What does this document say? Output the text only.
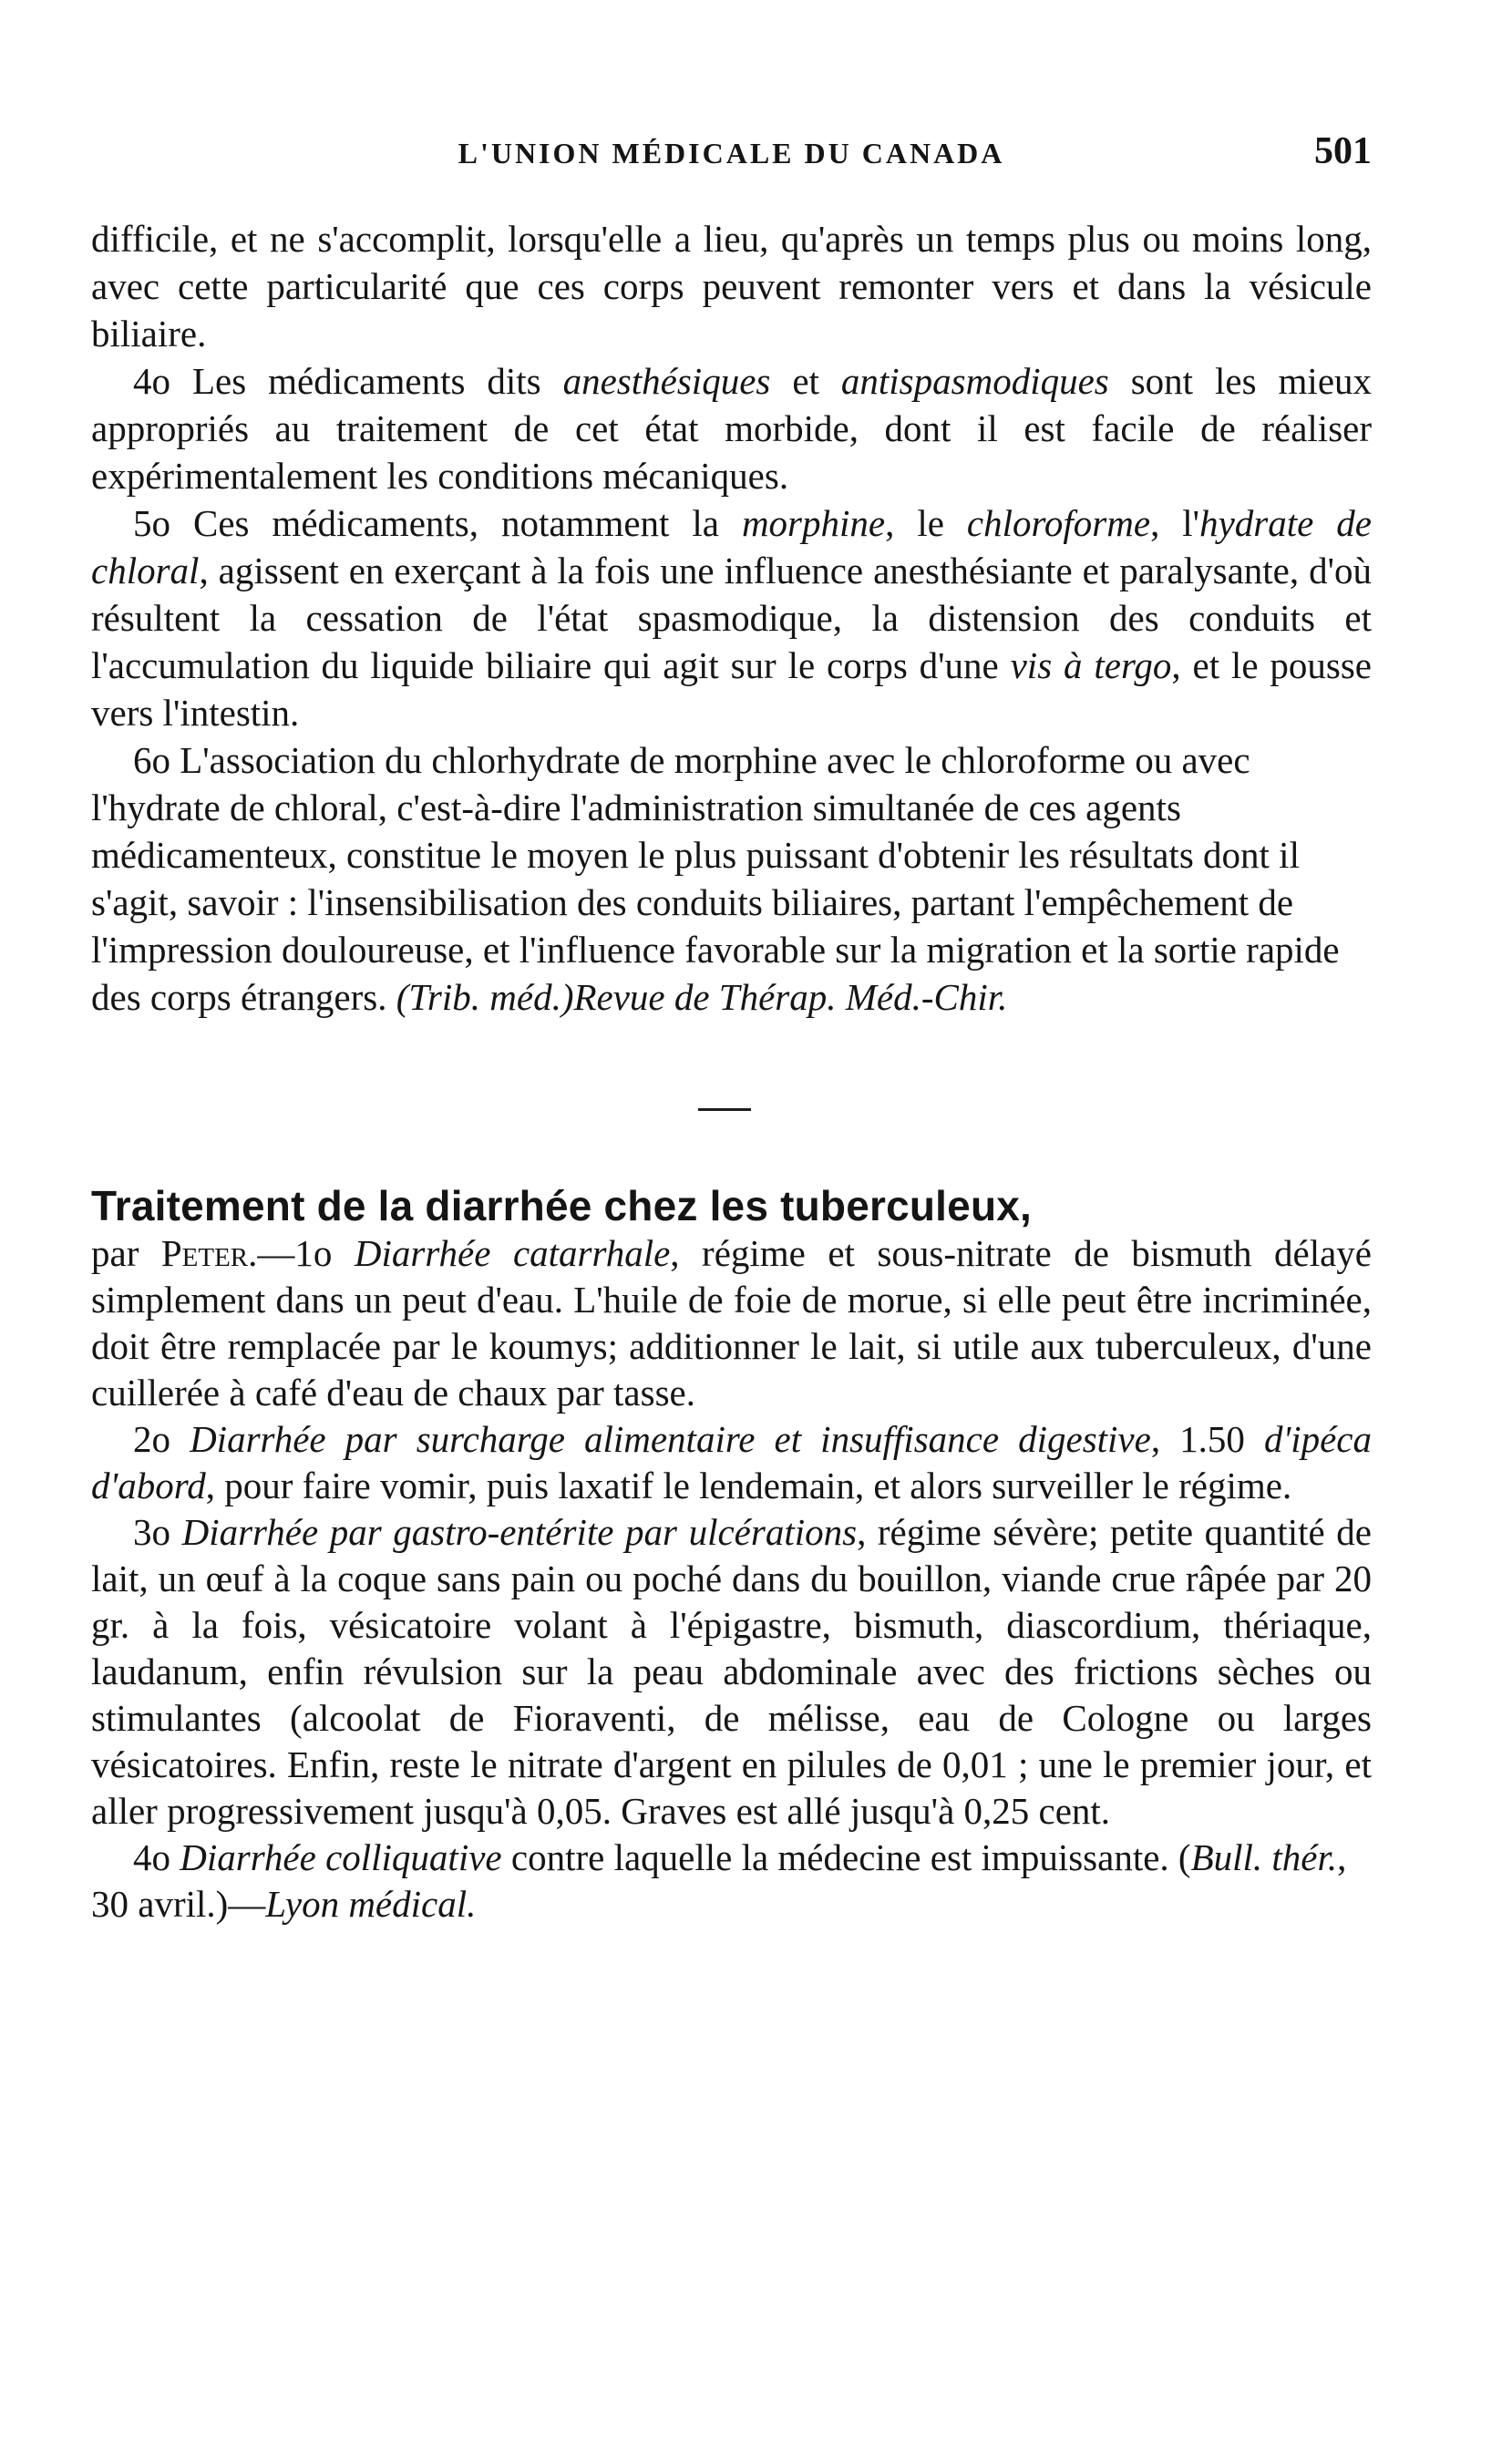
L'UNION MÉDICALE DU CANADA	501

difficile, et ne s'accomplit, lorsqu'elle a lieu, qu'après un temps plus ou moins long, avec cette particularité que ces corps peuvent remonter vers et dans la vésicule biliaire.

4o Les médicaments dits anesthésiques et antispasmodiques sont les mieux appropriés au traitement de cet état morbide, dont il est facile de réaliser expérimentalement les conditions mécaniques.

5o Ces médicaments, notamment la morphine, le chloroforme, l'hydrate de chloral, agissent en exerçant à la fois une influence anesthésiante et paralysante, d'où résultent la cessation de l'état spasmodique, la distension des conduits et l'accumulation du liquide biliaire qui agit sur le corps d'une vis à tergo, et le pousse vers l'intestin.

6o L'association du chlorhydrate de morphine avec le chloroforme ou avec l'hydrate de chloral, c'est-à-dire l'administration simultanée de ces agents médicamenteux, constitue le moyen le plus puissant d'obtenir les résultats dont il s'agit, savoir : l'insensibilisation des conduits biliaires, partant l'empêchement de l'impression douloureuse, et l'influence favorable sur la migration et la sortie rapide des corps étrangers. (Trib. méd.)Revue de Thérap. Méd.-Chir.

Traitement de la diarrhée chez les tuberculeux,

par Peter.—1o Diarrhée catarrhale, régime et sous-nitrate de bismuth délayé simplement dans un peut d'eau. L'huile de foie de morue, si elle peut être incriminée, doit être remplacée par le koumys; additionner le lait, si utile aux tuberculeux, d'une cuillerée à café d'eau de chaux par tasse.

2o Diarrhée par surcharge alimentaire et insuffisance digestive, 1.50 d'ipéca d'abord, pour faire vomir, puis laxatif le lendemain, et alors surveiller le régime.

3o Diarrhée par gastro-entérite par ulcérations, régime sévère; petite quantité de lait, un œuf à la coque sans pain ou poché dans du bouillon, viande crue râpée par 20 gr. à la fois, vésicatoire volant à l'épigastre, bismuth, diascordium, thériaque, laudanum, enfin révulsion sur la peau abdominale avec des frictions sèches ou stimulantes (alcoolat de Fioraventi, de mélisse, eau de Cologne ou larges vésicatoires. Enfin, reste le nitrate d'argent en pilules de 0,01 ; une le premier jour, et aller progressivement jusqu'à 0,05. Graves est allé jusqu'à 0,25 cent.

4o Diarrhée colliquative contre laquelle la médecine est impuissante. (Bull. thér., 30 avril.)—Lyon médical.
